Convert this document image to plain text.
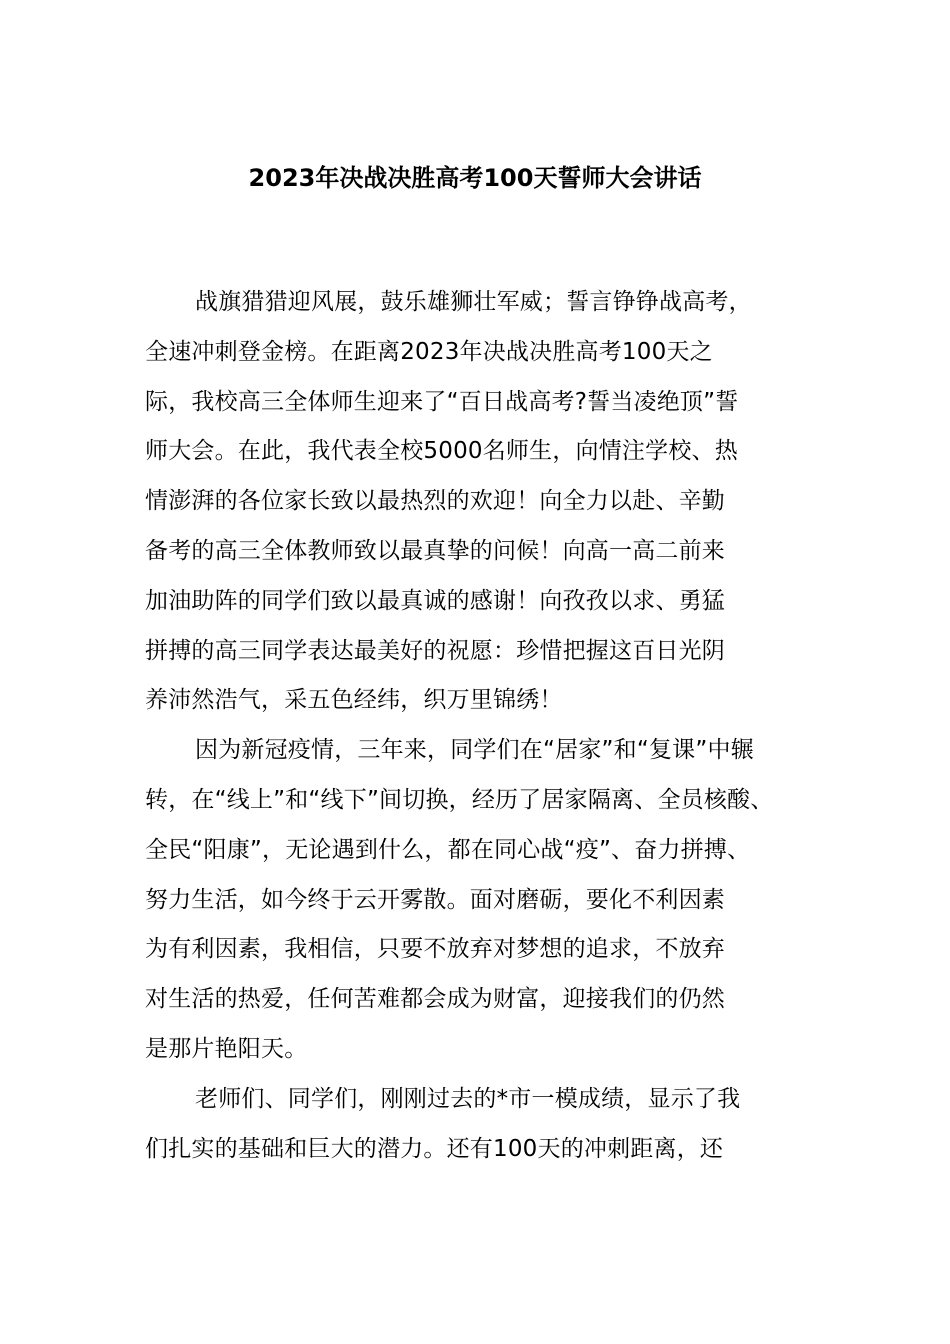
2023年决战决胜高考100天誓师大会讲话
战旗猎猎迎风展，鼓乐雄狮壮军威；誓言铮铮战高考，
全速冲刺登金榜。在距离2023年决战决胜高考100天之
际，我校高三全体师生迎来了“百日战高考?誓当凌绝顶”誓
师大会。在此，我代表全校5000名师生，向情注学校、热
情澎湃的各位家长致以最热烈的欢迎！向全力以赴、辛勤
备考的高三全体教师致以最真挚的问候！向高一高二前来
加油助阵的同学们致以最真诚的感谢！向孜孜以求、勇猛
拼搏的高三同学表达最美好的祝愿：珍惜把握这百日光阴
养沛然浩气，采五色经纬，织万里锦绣！
因为新冠疫情，三年来，同学们在“居家”和“复课”中辗
转，在“线上”和“线下”间切换，经历了居家隔离、全员核酸、
全民“阳康”，无论遇到什么，都在同心战“疫”、奋力拼搏、
努力生活，如今终于云开雾散。面对磨砺，要化不利因素
为有利因素，我相信，只要不放弃对梦想的追求，不放弃
对生活的热爱，任何苦难都会成为财富，迎接我们的仍然
是那片艳阳天。
老师们、同学们，刚刚过去的*市一模成绩，显示了我
们扎实的基础和巨大的潜力。还有100天的冲刺距离，还
